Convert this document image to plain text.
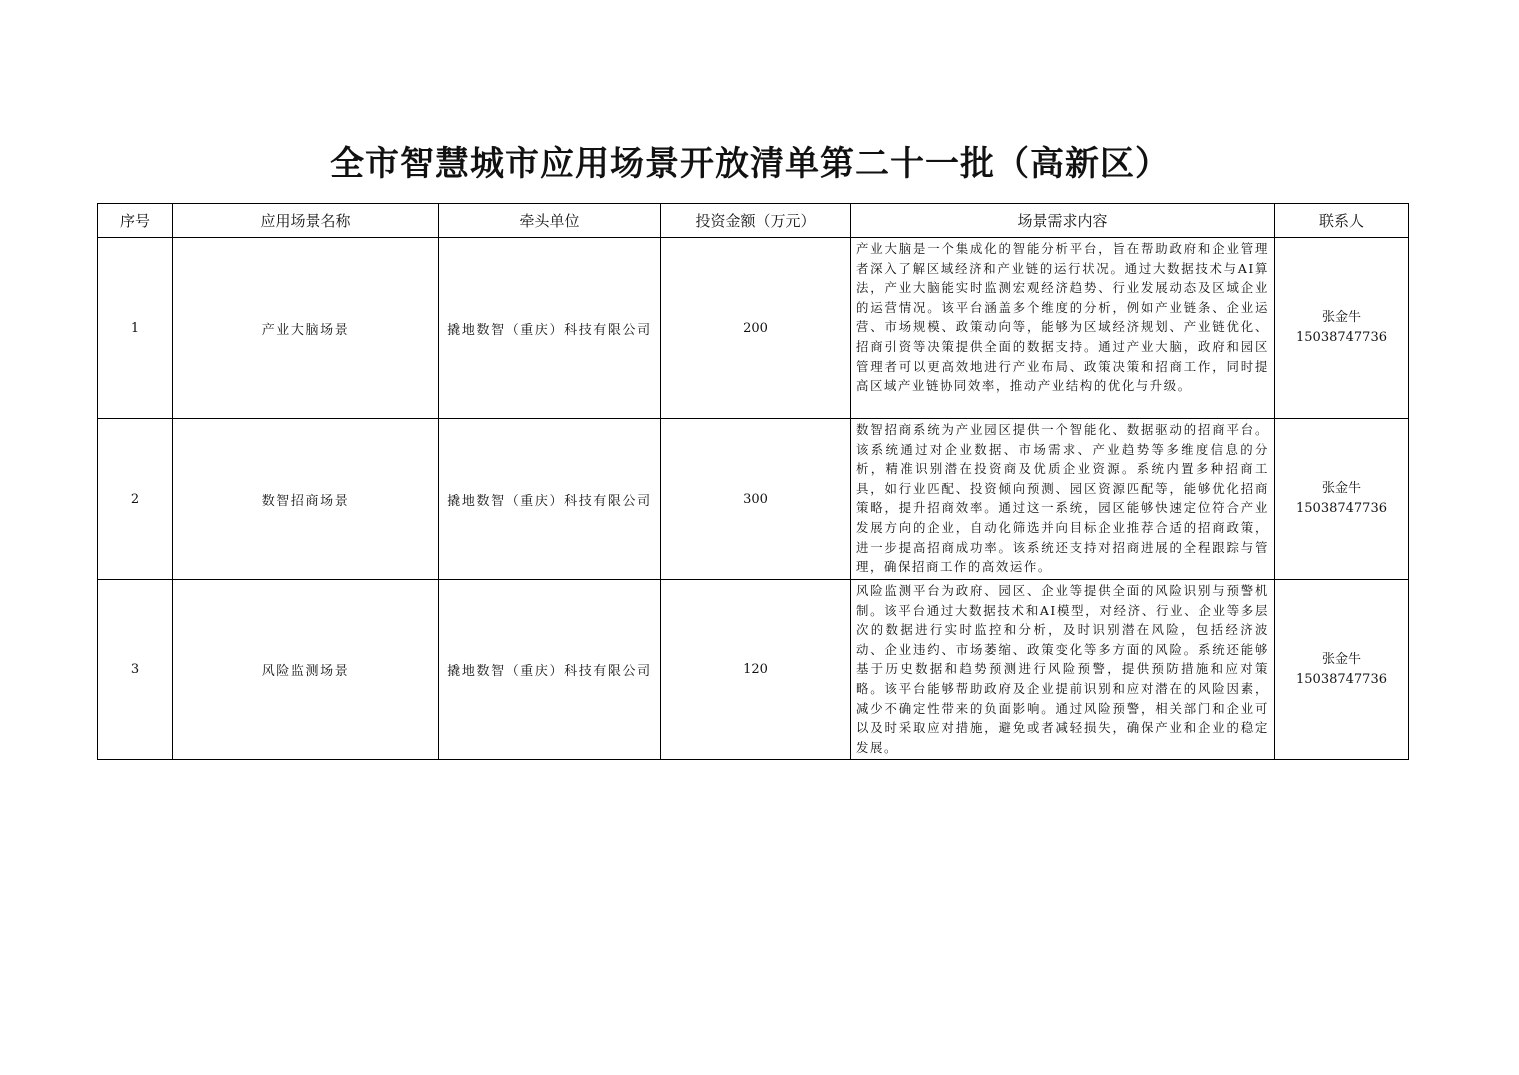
全市智慧城市应用场景开放清单第二十一批（高新区）
序号	应用场景名称	牵头单位	投资金额（万元）	场景需求内容	联系人
1	产业大脑场景	撬地数智（重庆）科技有限公司	200	产业大脑是一个集成化的智能分析平台，旨在帮助政府和企业管理者深入了解区域经济和产业链的运行状况。通过大数据技术与AI算法，产业大脑能实时监测宏观经济趋势、行业发展动态及区域企业的运营情况。该平台涵盖多个维度的分析，例如产业链条、企业运营、市场规模、政策动向等，能够为区域经济规划、产业链优化、招商引资等决策提供全面的数据支持。通过产业大脑，政府和园区管理者可以更高效地进行产业布局、政策决策和招商工作，同时提高区域产业链协同效率，推动产业结构的优化与升级。	张金牛
15038747736

2	数智招商场景	撬地数智（重庆）科技有限公司	300	数智招商系统为产业园区提供一个智能化、数据驱动的招商平台。该系统通过对企业数据、市场需求、产业趋势等多维度信息的分析，精准识别潜在投资商及优质企业资源。系统内置多种招商工具，如行业匹配、投资倾向预测、园区资源匹配等，能够优化招商策略，提升招商效率。通过这一系统，园区能够快速定位符合产业发展方向的企业，自动化筛选并向目标企业推荐合适的招商政策，进一步提高招商成功率。该系统还支持对招商进展的全程跟踪与管理，确保招商工作的高效运作。	张金牛
15038747736

3	风险监测场景	撬地数智（重庆）科技有限公司	120	风险监测平台为政府、园区、企业等提供全面的风险识别与预警机制。该平台通过大数据技术和AI模型，对经济、行业、企业等多层次的数据进行实时监控和分析，及时识别潜在风险，包括经济波动、企业违约、市场萎缩、政策变化等多方面的风险。系统还能够基于历史数据和趋势预测进行风险预警，提供预防措施和应对策略。该平台能够帮助政府及企业提前识别和应对潜在的风险因素，减少不确定性带来的负面影响。通过风险预警，相关部门和企业可以及时采取应对措施，避免或者减轻损失，确保产业和企业的稳定发展。	张金牛
15038747736
